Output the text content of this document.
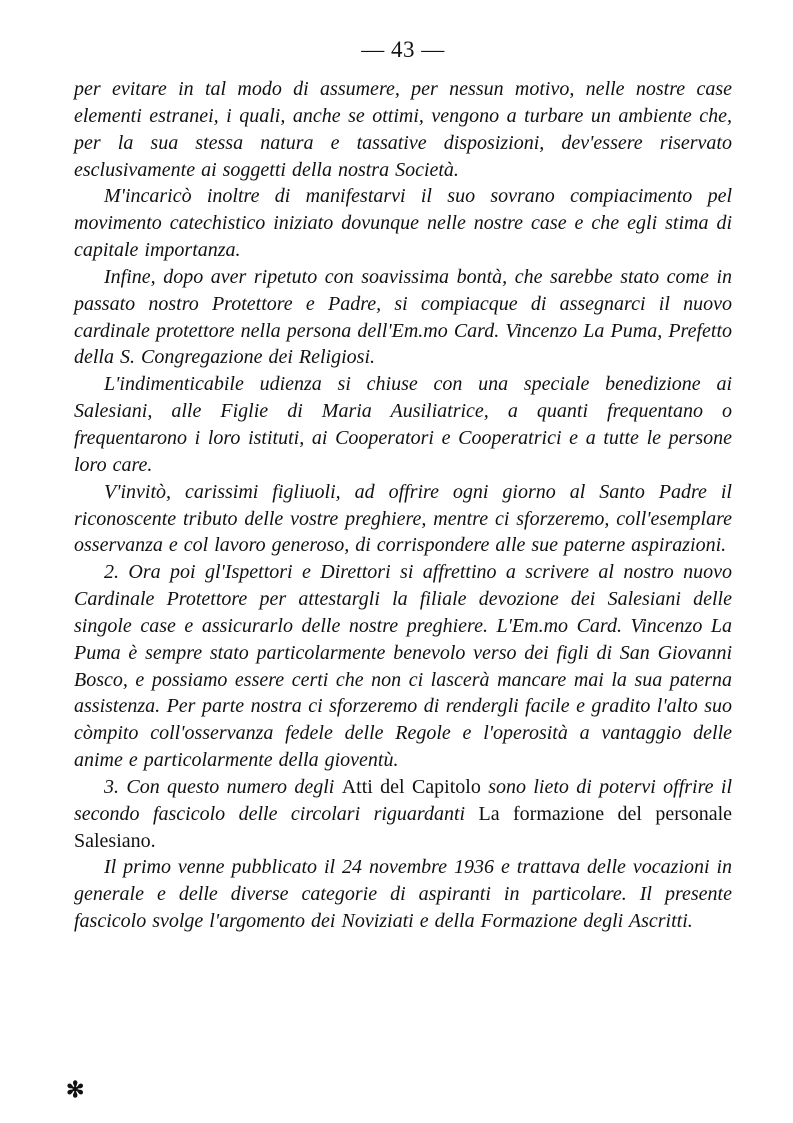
— 43 —

per evitare in tal modo di assumere, per nessun motivo, nelle nostre case elementi estranei, i quali, anche se ottimi, vengono a turbare un ambiente che, per la sua stessa natura e tassative disposizioni, dev'essere riservato esclusivamente ai soggetti della nostra Società.

M'incaricò inoltre di manifestarvi il suo sovrano compiacimento pel movimento catechistico iniziato dovunque nelle nostre case e che egli stima di capitale importanza.

Infine, dopo aver ripetuto con soavissima bontà, che sarebbe stato come in passato nostro Protettore e Padre, si compiacque di assegnarci il nuovo cardinale protettore nella persona dell'Em.mo Card. Vincenzo La Puma, Prefetto della S. Congregazione dei Religiosi.

L'indimenticabile udienza si chiuse con una speciale benedizione ai Salesiani, alle Figlie di Maria Ausiliatrice, a quanti frequentano o frequentarono i loro istituti, ai Cooperatori e Cooperatrici e a tutte le persone loro care.

V'invitò, carissimi figliuoli, ad offrire ogni giorno al Santo Padre il riconoscente tributo delle vostre preghiere, mentre ci sforzeremo, coll'esemplare osservanza e col lavoro generoso, di corrispondere alle sue paterne aspirazioni.

2. Ora poi gl'Ispettori e Direttori si affrettino a scrivere al nostro nuovo Cardinale Protettore per attestargli la filiale devozione dei Salesiani delle singole case e assicurarlo delle nostre preghiere. L'Em.mo Card. Vincenzo La Puma è sempre stato particolarmente benevolo verso dei figli di San Giovanni Bosco, e possiamo essere certi che non ci lascerà mancare mai la sua paterna assistenza. Per parte nostra ci sforzeremo di rendergli facile e gradito l'alto suo còmpito coll'osservanza fedele delle Regole e l'operosità a vantaggio delle anime e particolarmente della gioventù.

3. Con questo numero degli Atti del Capitolo sono lieto di potervi offrire il secondo fascicolo delle circolari riguardanti La formazione del personale Salesiano.

Il primo venne pubblicato il 24 novembre 1936 e trattava delle vocazioni in generale e delle diverse categorie di aspiranti in particolare. Il presente fascicolo svolge l'argomento dei Noviziati e della Formazione degli Ascritti.

✻
